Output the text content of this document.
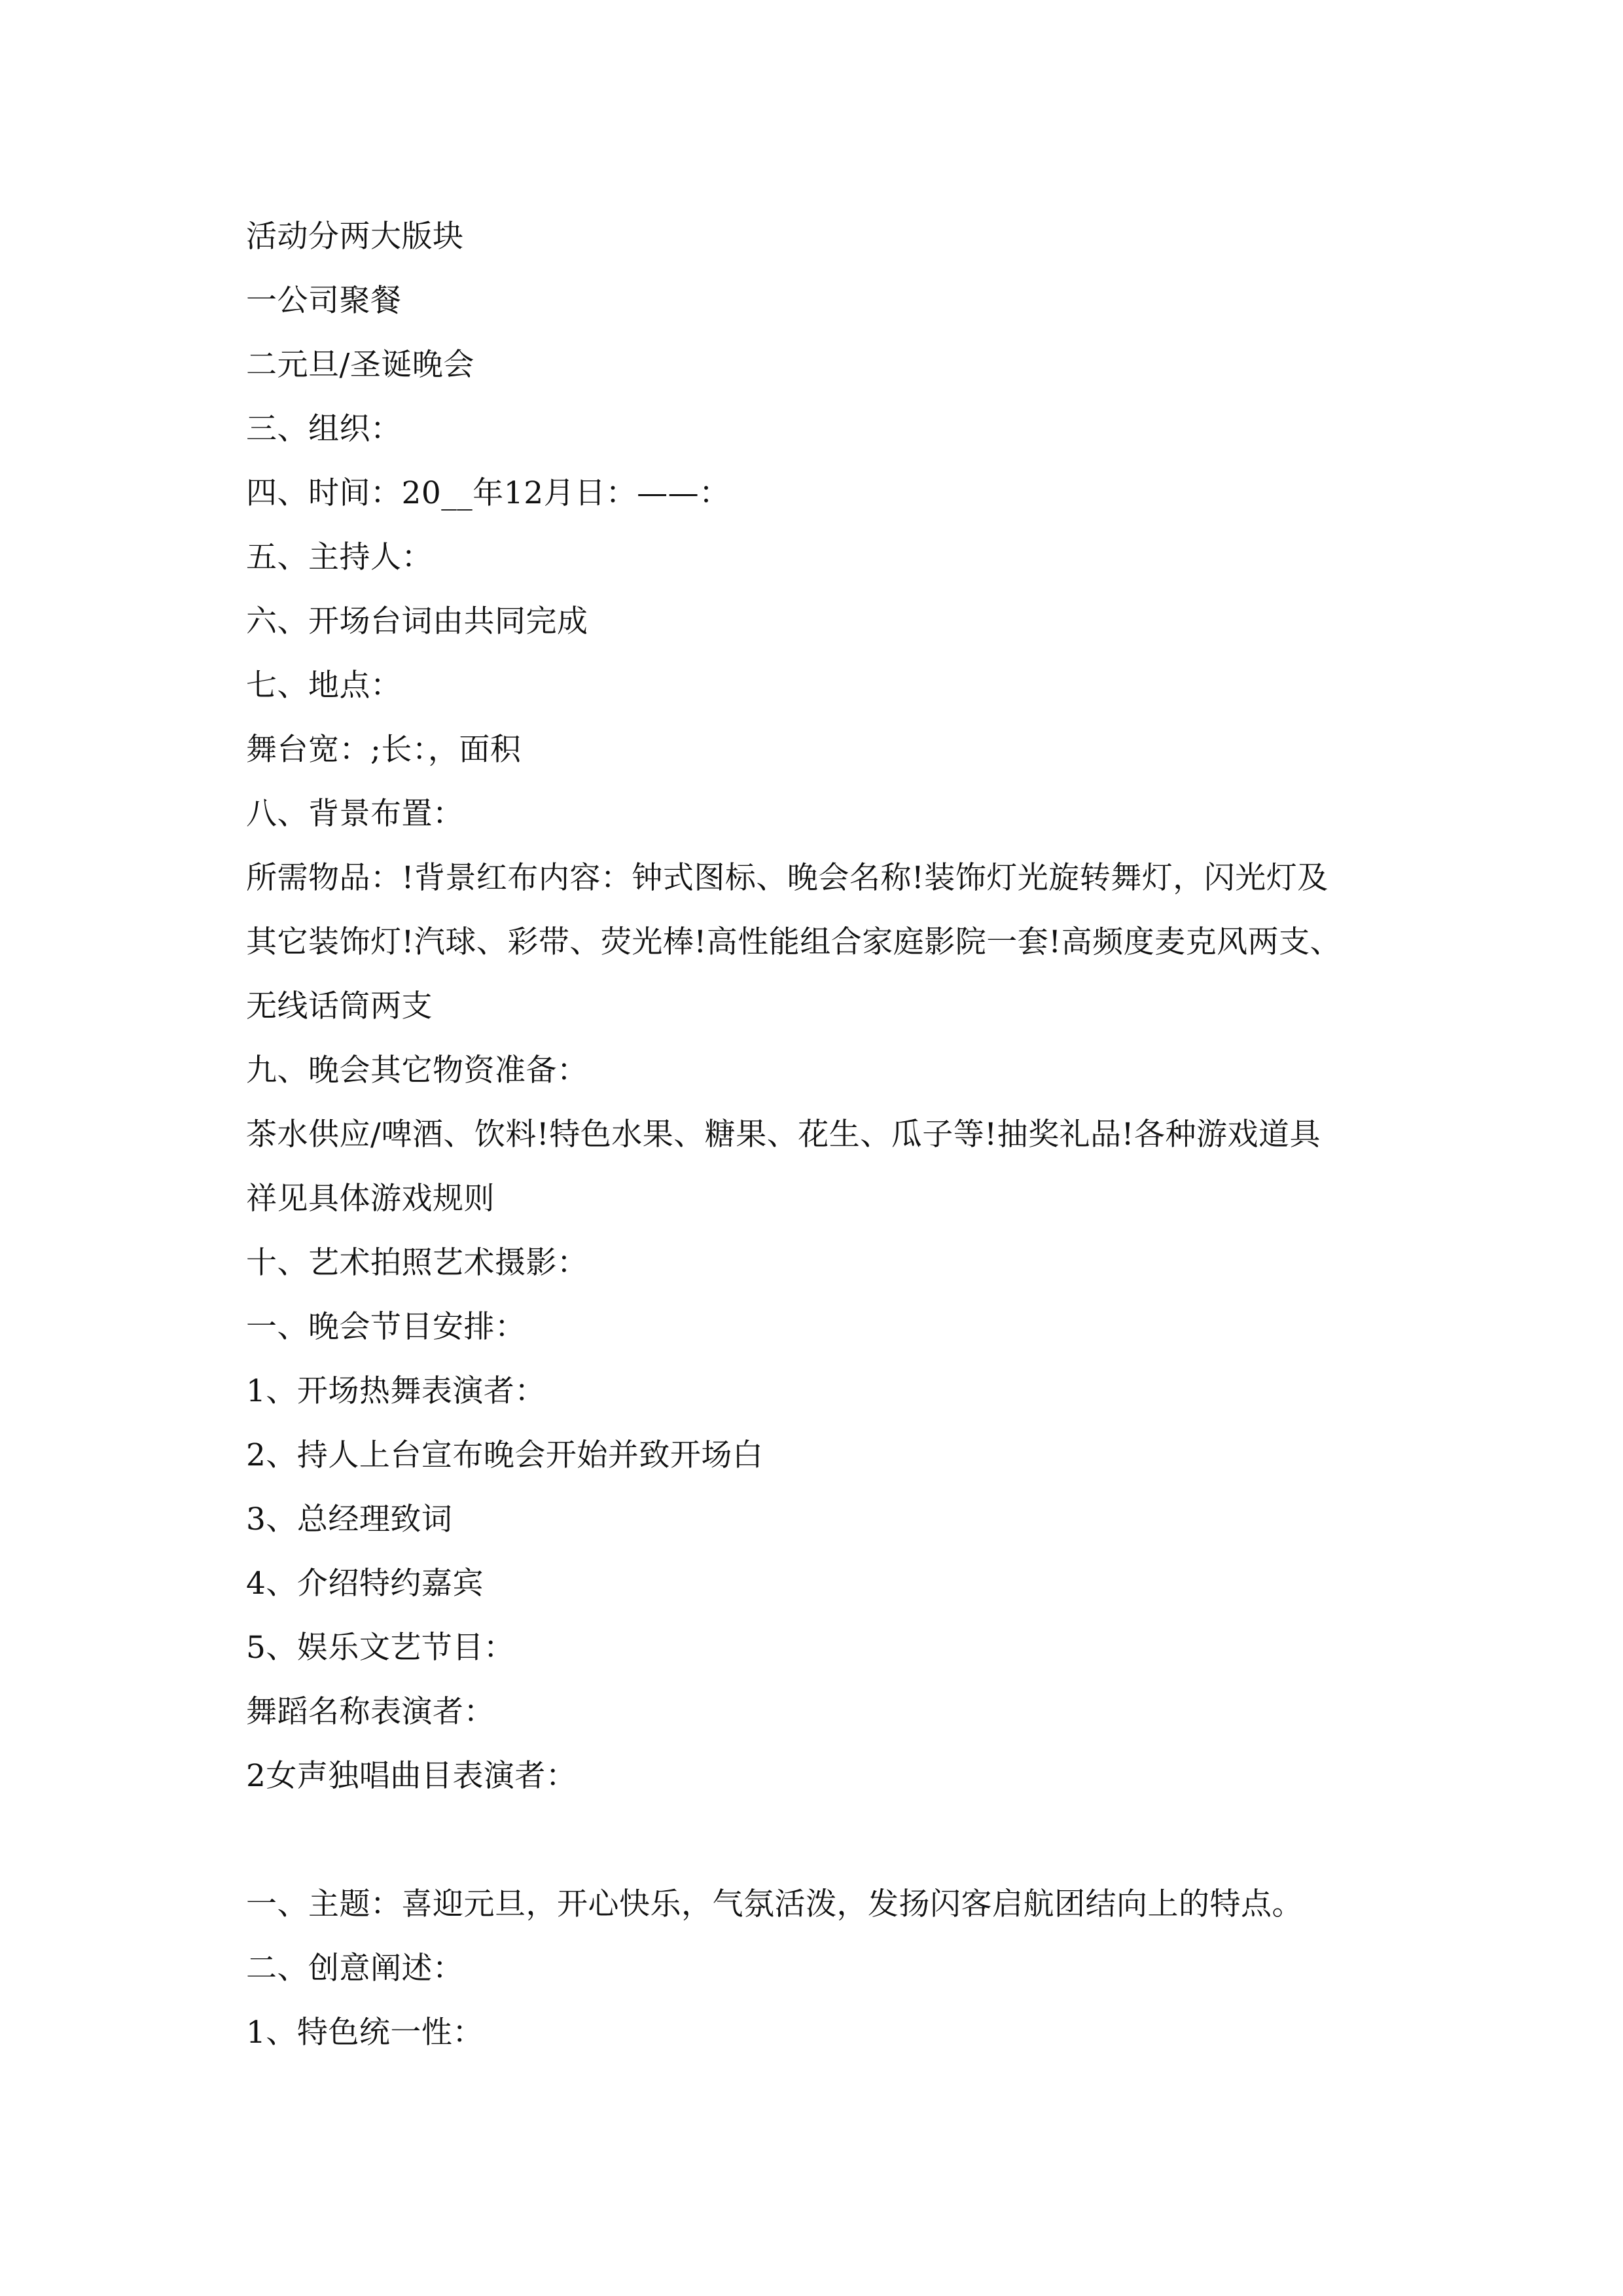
活动分两大版块
一公司聚餐
二元旦/圣诞晚会
三、组织：
四、时间：20__年12月日：——：
五、主持人：
六、开场台词由共同完成
七、地点：
舞台宽：;长：，面积
八、背景布置：
所需物品：!背景红布内容：钟式图标、晚会名称!装饰灯光旋转舞灯，闪光灯及
其它装饰灯!汽球、彩带、荧光棒!高性能组合家庭影院一套!高频度麦克风两支、
无线话筒两支
九、晚会其它物资准备：
茶水供应/啤酒、饮料!特色水果、糖果、花生、瓜子等!抽奖礼品!各种游戏道具
祥见具体游戏规则
十、艺术拍照艺术摄影：
一、晚会节目安排：
1、开场热舞表演者：
2、持人上台宣布晚会开始并致开场白
3、总经理致词
4、介绍特约嘉宾
5、娱乐文艺节目：
舞蹈名称表演者：
2女声独唱曲目表演者：
一、主题：喜迎元旦，开心快乐，气氛活泼，发扬闪客启航团结向上的特点。
二、创意阐述：
1、特色统一性：
